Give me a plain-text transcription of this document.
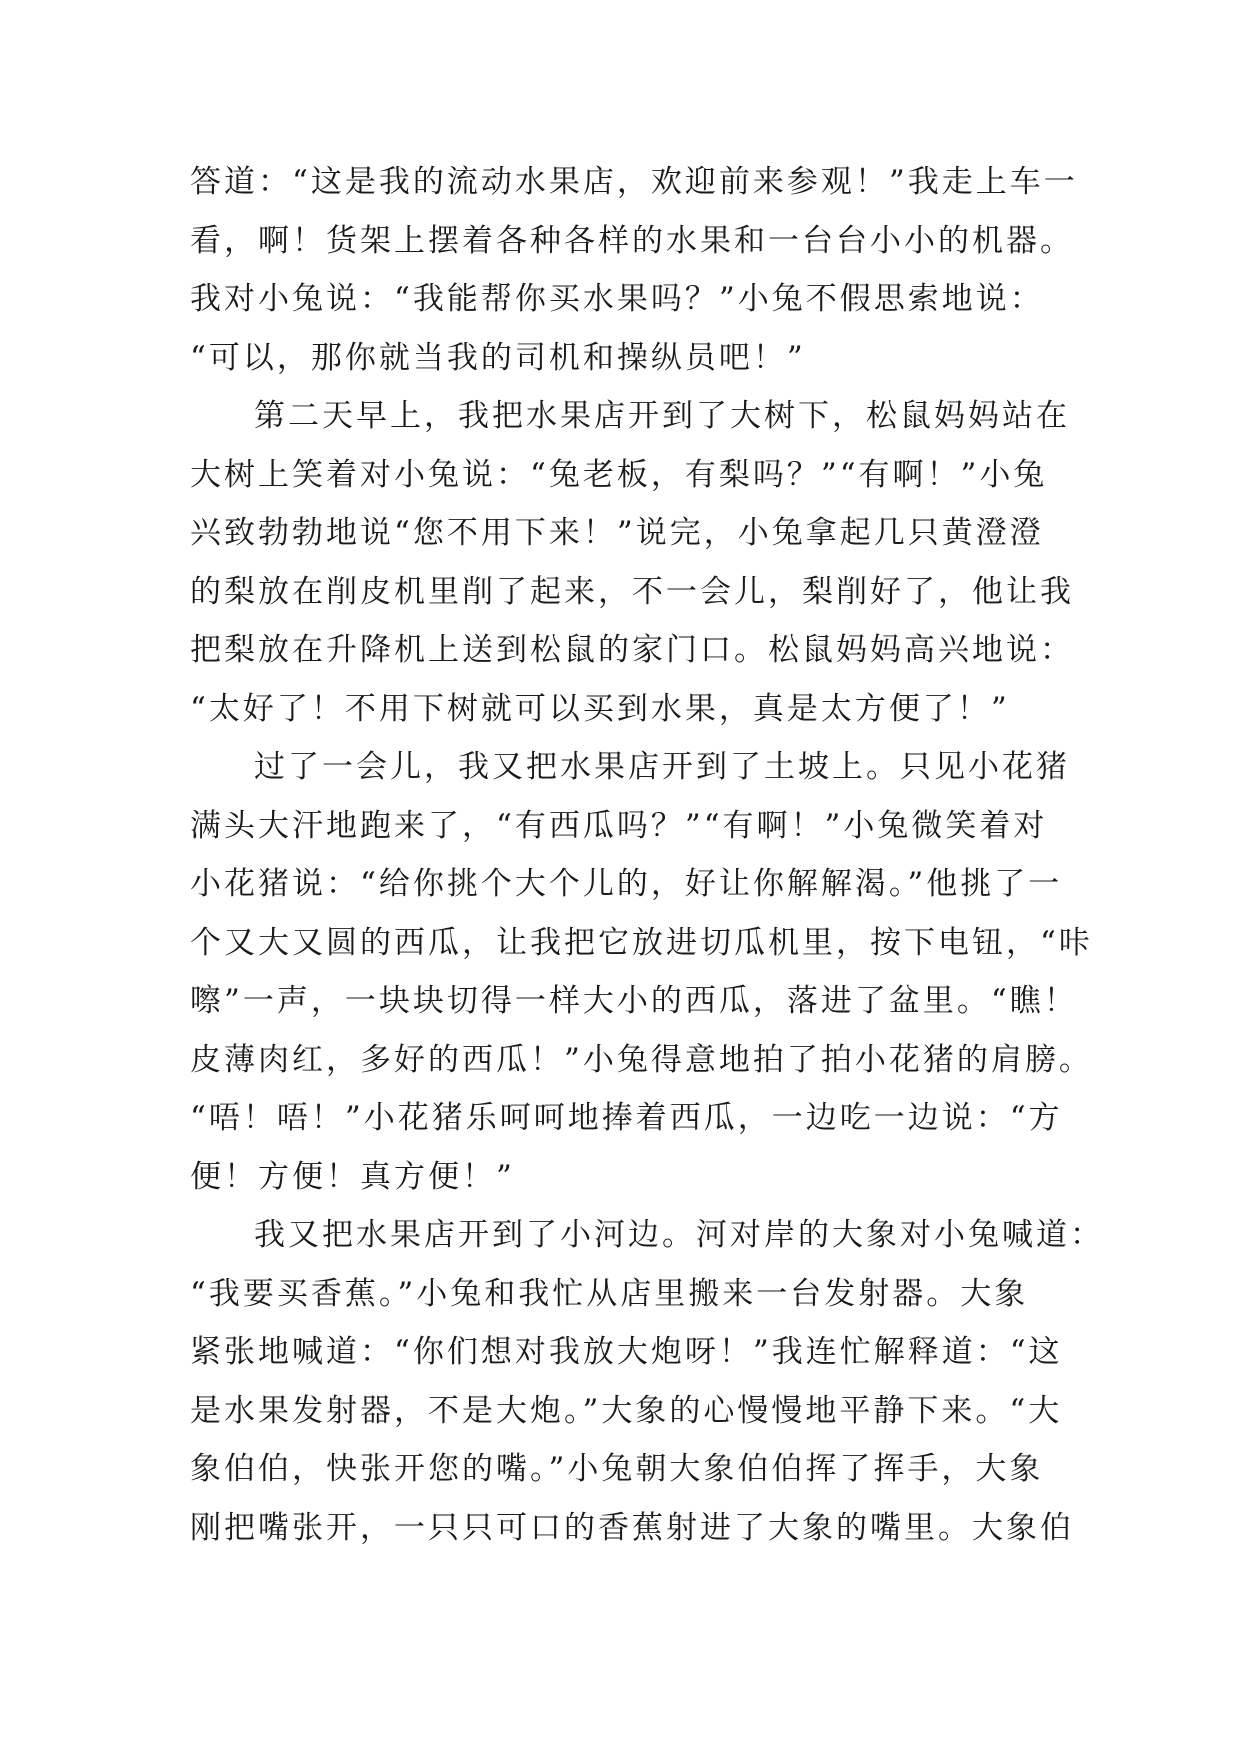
答道：“这是我的流动水果店，欢迎前来参观！”我走上车一
看，啊！货架上摆着各种各样的水果和一台台小小的机器。
我对小兔说：“我能帮你买水果吗？”小兔不假思索地说：
“可以，那你就当我的司机和操纵员吧！”
第二天早上，我把水果店开到了大树下，松鼠妈妈站在
大树上笑着对小兔说：“兔老板，有梨吗？”“有啊！”小兔
兴致勃勃地说“您不用下来！”说完，小兔拿起几只黄澄澄
的梨放在削皮机里削了起来，不一会儿，梨削好了，他让我
把梨放在升降机上送到松鼠的家门口。松鼠妈妈高兴地说：
“太好了！不用下树就可以买到水果，真是太方便了！”
过了一会儿，我又把水果店开到了土坡上。只见小花猪
满头大汗地跑来了，“有西瓜吗？”“有啊！”小兔微笑着对
小花猪说：“给你挑个大个儿的，好让你解解渴。”他挑了一
个又大又圆的西瓜，让我把它放进切瓜机里，按下电钮，“咔
嚓”一声，一块块切得一样大小的西瓜，落进了盆里。“瞧！
皮薄肉红，多好的西瓜！”小兔得意地拍了拍小花猪的肩膀。
“唔！唔！”小花猪乐呵呵地捧着西瓜，一边吃一边说：“方
便！方便！真方便！”
我又把水果店开到了小河边。河对岸的大象对小兔喊道：
“我要买香蕉。”小兔和我忙从店里搬来一台发射器。大象
紧张地喊道：“你们想对我放大炮呀！”我连忙解释道：“这
是水果发射器，不是大炮。”大象的心慢慢地平静下来。“大
象伯伯，快张开您的嘴。”小兔朝大象伯伯挥了挥手，大象
刚把嘴张开，一只只可口的香蕉射进了大象的嘴里。大象伯
